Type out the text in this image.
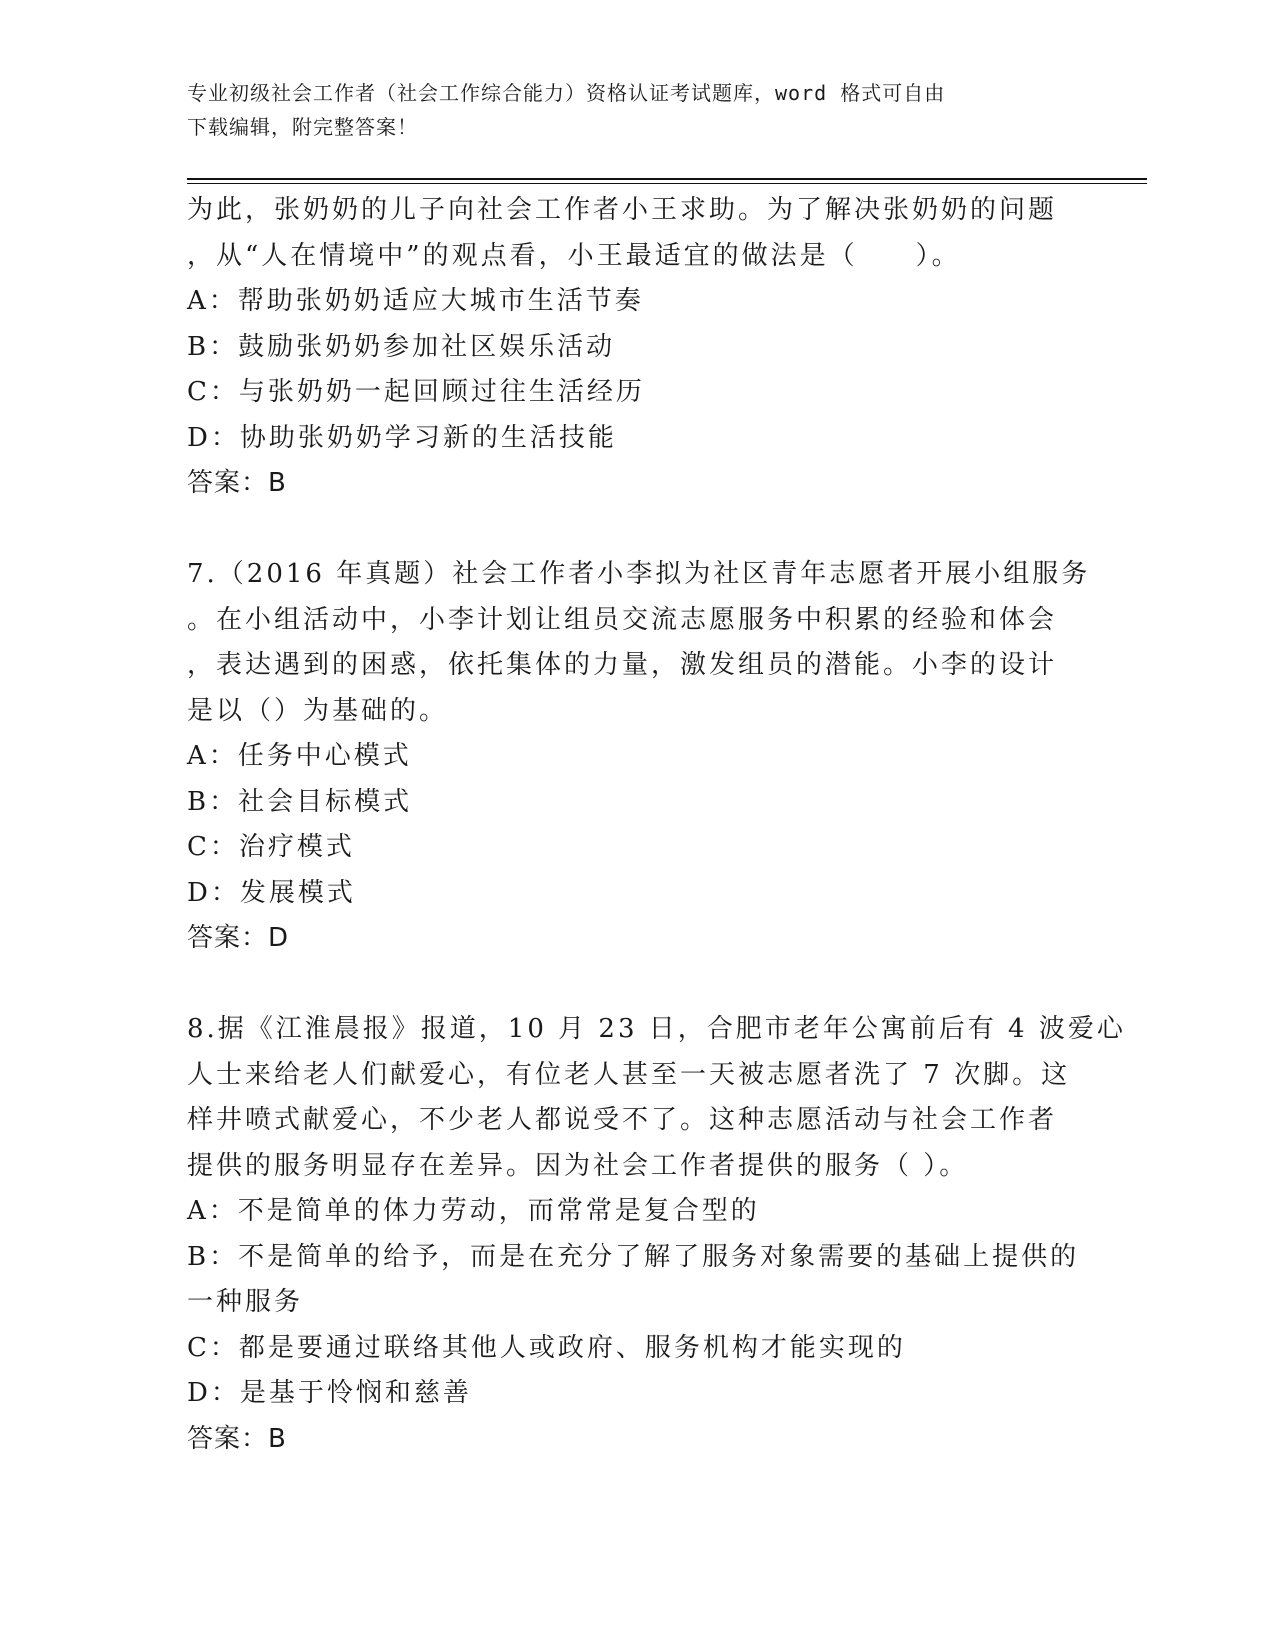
专业初级社会工作者（社会工作综合能力）资格认证考试题库，word 格式可自由
下载编辑，附完整答案！
为此，张奶奶的儿子向社会工作者小王求助。为了解决张奶奶的问题
，从“人在情境中”的观点看，小王最适宜的做法是（　　）。
A：帮助张奶奶适应大城市生活节奏
B：鼓励张奶奶参加社区娱乐活动
C：与张奶奶一起回顾过往生活经历
D：协助张奶奶学习新的生活技能
答案：B
7.（2016 年真题）社会工作者小李拟为社区青年志愿者开展小组服务
。在小组活动中，小李计划让组员交流志愿服务中积累的经验和体会
，表达遇到的困惑，依托集体的力量，激发组员的潜能。小李的设计
是以（）为基础的。
A：任务中心模式
B：社会目标模式
C：治疗模式
D：发展模式
答案：D
8.据《江淮晨报》报道，10 月 23 日，合肥市老年公寓前后有 4 波爱心
人士来给老人们献爱心，有位老人甚至一天被志愿者洗了 7 次脚。这
样井喷式献爱心，不少老人都说受不了。这种志愿活动与社会工作者
提供的服务明显存在差异。因为社会工作者提供的服务（ ）。
A：不是简单的体力劳动，而常常是复合型的
B：不是简单的给予，而是在充分了解了服务对象需要的基础上提供的
一种服务
C：都是要通过联络其他人或政府、服务机构才能实现的
D：是基于怜悯和慈善
答案：B
